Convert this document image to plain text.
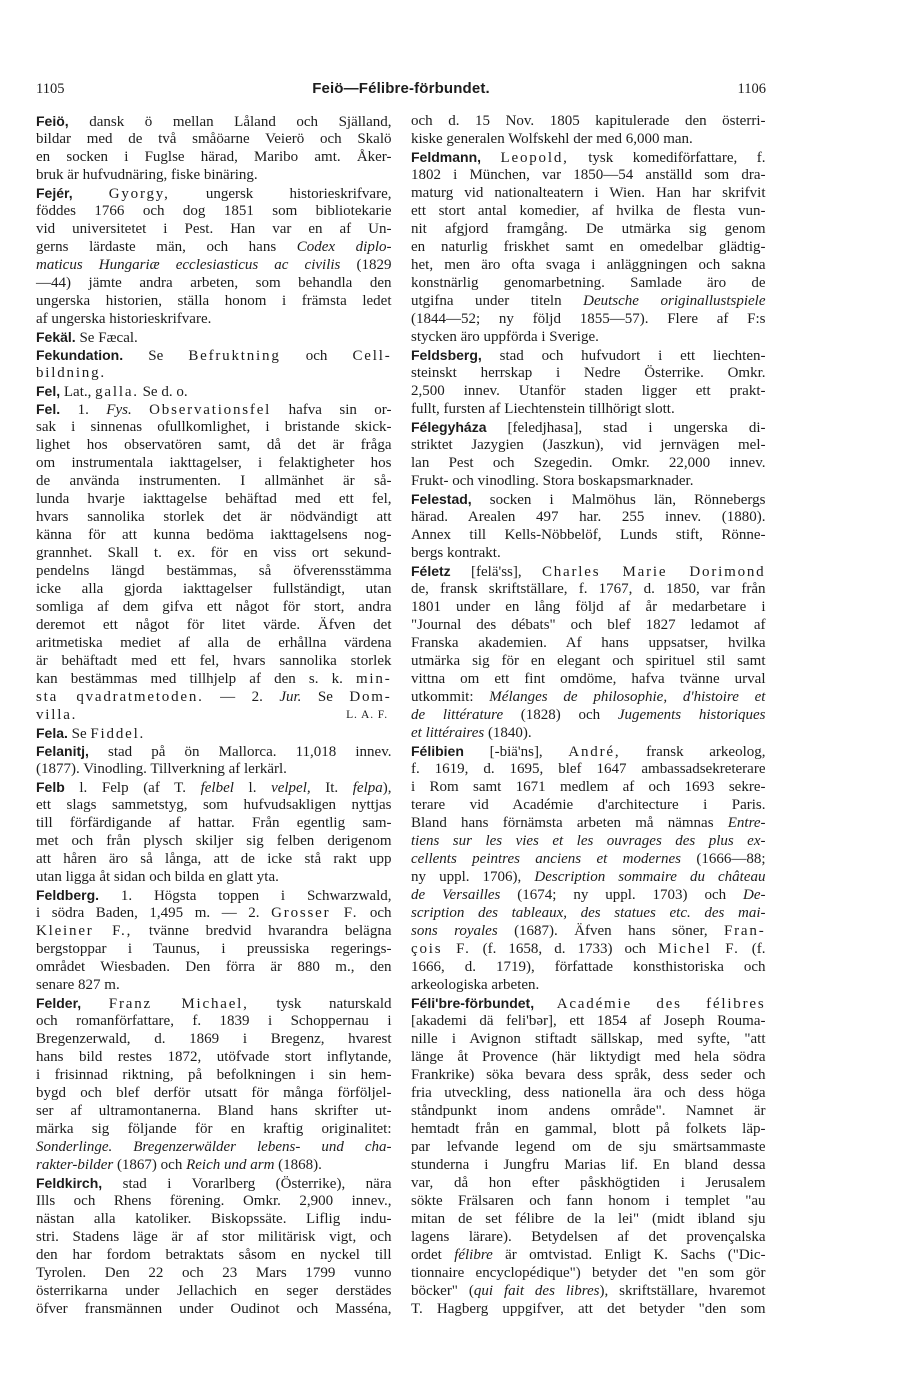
1105	Feiö—Félibre-förbundet.	1106
Feiö, dansk ö mellan Låland och Själland,
bildar med de två småöarne Veierö och Skalö
en socken i Fuglse härad, Maribo amt. Åker-
bruk är hufvudnäring, fiske binäring.
Fejér, Gyorgy, ungersk historieskrifvare,
föddes 1766 och dog 1851 som bibliotekarie
vid universitetet i Pest. Han var en af Un-
gerns lärdaste män, och hans Codex diplo-
maticus Hungariæ ecclesiasticus ac civilis (1829
—44) jämte andra arbeten, som behandla den
ungerska historien, ställa honom i främsta ledet
af ungerska historieskrifvare.
Fekäl. Se Fæcal.
Fekundation. Se Befruktning och Cell-
bildning.
Fel, Lat., galla. Se d. o.
Fel. 1. Fys. Observationsfel hafva sin or-
sak i sinnenas ofullkomlighet, i bristande skick-
lighet hos observatören samt, då det är fråga
om instrumentala iakttagelser, i felaktigheter hos
de använda instrumenten. I allmänhet är så-
lunda hvarje iakttagelse behäftad med ett fel,
hvars sannolika storlek det är nödvändigt att
känna för att kunna bedöma iakttagelsens nog-
grannhet. Skall t. ex. för en viss ort sekund-
pendelns längd bestämmas, så öfverensstämma
icke alla gjorda iakttagelser fullständigt, utan
somliga af dem gifva ett något för stort, andra
deremot ett något för litet värde. Äfven det
aritmetiska mediet af alla de erhållna värdena
är behäftadt med ett fel, hvars sannolika storlek
kan bestämmas med tillhjelp af den s. k. min-
sta qvadratmetoden. — 2. Jur. Se Dom-
villa.	L. A. F.
Fela. Se Fiddel.
Felanitj, stad på ön Mallorca. 11,018 innev.
(1877). Vinodling. Tillverkning af lerkärl.
Felb l. Felp (af T. felbel l. velpel, It. felpa),
ett slags sammetstyg, som hufvudsakligen nyttjas
till förfärdigande af hattar. Från egentlig sam-
met och från plysch skiljer sig felben derigenom
att håren äro så långa, att de icke stå rakt upp
utan ligga åt sidan och bilda en glatt yta.
Feldberg. 1. Högsta toppen i Schwarzwald,
i södra Baden, 1,495 m. — 2. Grosser F. och
Kleiner F., tvänne bredvid hvarandra belägna
bergstoppar i Taunus, i preussiska regerings-
området Wiesbaden. Den förra är 880 m., den
senare 827 m.
Felder, Franz Michael, tysk naturskald
och romanförfattare, f. 1839 i Schoppernau i
Bregenzerwald, d. 1869 i Bregenz, hvarest
hans bild restes 1872, utöfvade stort inflytande,
i frisinnad riktning, på befolkningen i sin hem-
bygd och blef derför utsatt för många förföljel-
ser af ultramontanerna. Bland hans skrifter ut-
märka sig följande för en kraftig originalitet:
Sonderlinge. Bregenzerwälder lebens- und cha-
rakter-bilder (1867) och Reich und arm (1868).
Feldkirch, stad i Vorarlberg (Österrike), nära
Ills och Rhens förening. Omkr. 2,900 innev.,
nästan alla katoliker. Biskopssäte. Liflig indu-
stri. Stadens läge är af stor militärisk vigt, och
den har fordom betraktats såsom en nyckel till
Tyrolen. Den 22 och 23 Mars 1799 vunno
österrikarna under Jellachich en seger derstädes
öfver fransmännen under Oudinot och Masséna,
och d. 15 Nov. 1805 kapitulerade den österri-
kiske generalen Wolfskehl der med 6,000 man.
Feldmann, Leopold, tysk komediförfattare, f.
1802 i München, var 1850—54 anställd som dra-
maturg vid nationalteatern i Wien. Han har skrifvit
ett stort antal komedier, af hvilka de flesta vun-
nit afgjord framgång. De utmärka sig genom
en naturlig friskhet samt en omedelbar glädtig-
het, men äro ofta svaga i anläggningen och sakna
konstnärlig genomarbetning. Samlade äro de
utgifna under titeln Deutsche originallustspiele
(1844—52; ny följd 1855—57). Flere af F:s
stycken äro uppförda i Sverige.
Feldsberg, stad och hufvudort i ett liechten-
steinskt herrskap i Nedre Österrike. Omkr.
2,500 innev. Utanför staden ligger ett prakt-
fullt, fursten af Liechtenstein tillhörigt slott.
Félegyháza [feledjhasa], stad i ungerska di-
striktet Jazygien (Jaszkun), vid jernvägen mel-
lan Pest och Szegedin. Omkr. 22,000 innev.
Frukt- och vinodling. Stora boskapsmarknader.
Felestad, socken i Malmöhus län, Rönnebergs
härad. Arealen 497 har. 255 innev. (1880).
Annex till Kells-Nöbbelöf, Lunds stift, Rönne-
bergs kontrakt.
Féletz [felä'ss], Charles Marie Dorimond
de, fransk skriftställare, f. 1767, d. 1850, var från
1801 under en lång följd af år medarbetare i
"Journal des débats" och blef 1827 ledamot af
Franska akademien. Af hans uppsatser, hvilka
utmärka sig för en elegant och spirituel stil samt
vittna om ett fint omdöme, hafva tvänne urval
utkommit: Mélanges de philosophie, d'histoire et
de littérature (1828) och Jugements historiques
et littéraires (1840).
Félibien [-biä'ns], André, fransk arkeolog,
f. 1619, d. 1695, blef 1647 ambassadsekreterare
i Rom samt 1671 medlem af och 1693 sekre-
terare vid Académie d'architecture i Paris.
Bland hans förnämsta arbeten må nämnas Entre-
tiens sur les vies et les ouvrages des plus ex-
cellents peintres anciens et modernes (1666—88;
ny uppl. 1706), Description sommaire du château
de Versailles (1674; ny uppl. 1703) och De-
scription des tableaux, des statues etc. des mai-
sons royales (1687). Äfven hans söner, Fran-
çois F. (f. 1658, d. 1733) och Michel F. (f.
1666, d. 1719), författade konsthistoriska och
arkeologiska arbeten.
Féli'bre-förbundet, Académie des félibres
[akademi dä feli'bər], ett 1854 af Joseph Rouma-
nille i Avignon stiftadt sällskap, med syfte, "att
länge åt Provence (här liktydigt med hela södra
Frankrike) söka bevara dess språk, dess seder och
fria utveckling, dess nationella ära och dess höga
ståndpunkt inom andens område". Namnet är
hemtadt från en gammal, blott på folkets läp-
par lefvande legend om de sju smärtsammaste
stunderna i Jungfru Marias lif. En bland dessa
var, då hon efter påskhögtiden i Jerusalem
sökte Frälsaren och fann honom i templet "au
mitan de set félibre de la lei" (midt ibland sju
lagens lärare). Betydelsen af det provençalska
ordet félibre är omtvistad. Enligt K. Sachs ("Dic-
tionnaire encyclopédique") betyder det "en som gör
böcker" (qui fait des libres), skriftställare, hvaremot
T. Hagberg uppgifver, att det betyder "den som
